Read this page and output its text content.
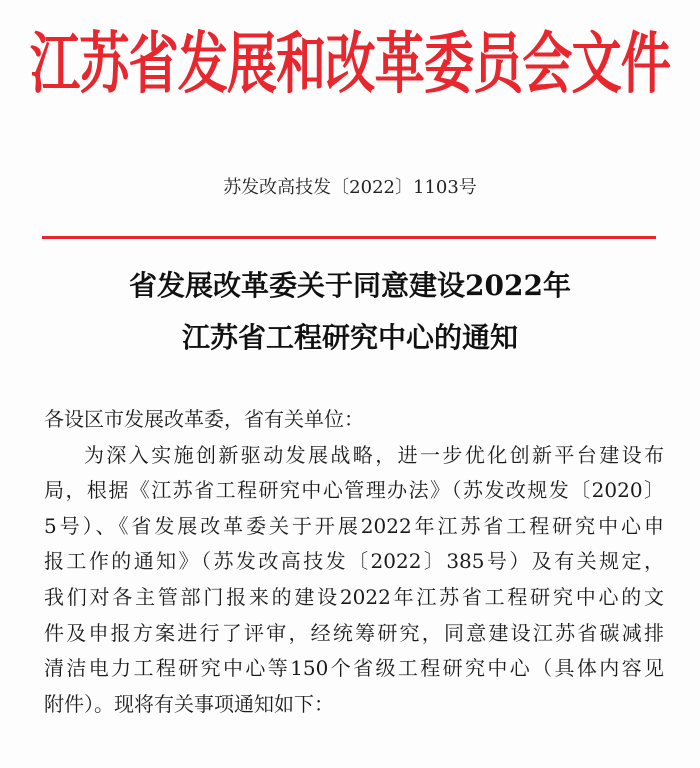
江苏省发展和改革委员会文件
苏发改高技发〔2022〕1103号
省发展改革委关于同意建设2022年
江苏省工程研究中心的通知
各设区市发展改革委，省有关单位：
为深入实施创新驱动发展战略，进一步优化创新平台建设布
局，根据《江苏省工程研究中心管理办法》（苏发改规发〔2020〕
5号）、《省发展改革委关于开展2022年江苏省工程研究中心申
报工作的通知》（苏发改高技发〔2022〕385号）及有关规定，
我们对各主管部门报来的建设2022年江苏省工程研究中心的文
件及申报方案进行了评审，经统筹研究，同意建设江苏省碳减排
清洁电力工程研究中心等150个省级工程研究中心（具体内容见
附件）。现将有关事项通知如下：
